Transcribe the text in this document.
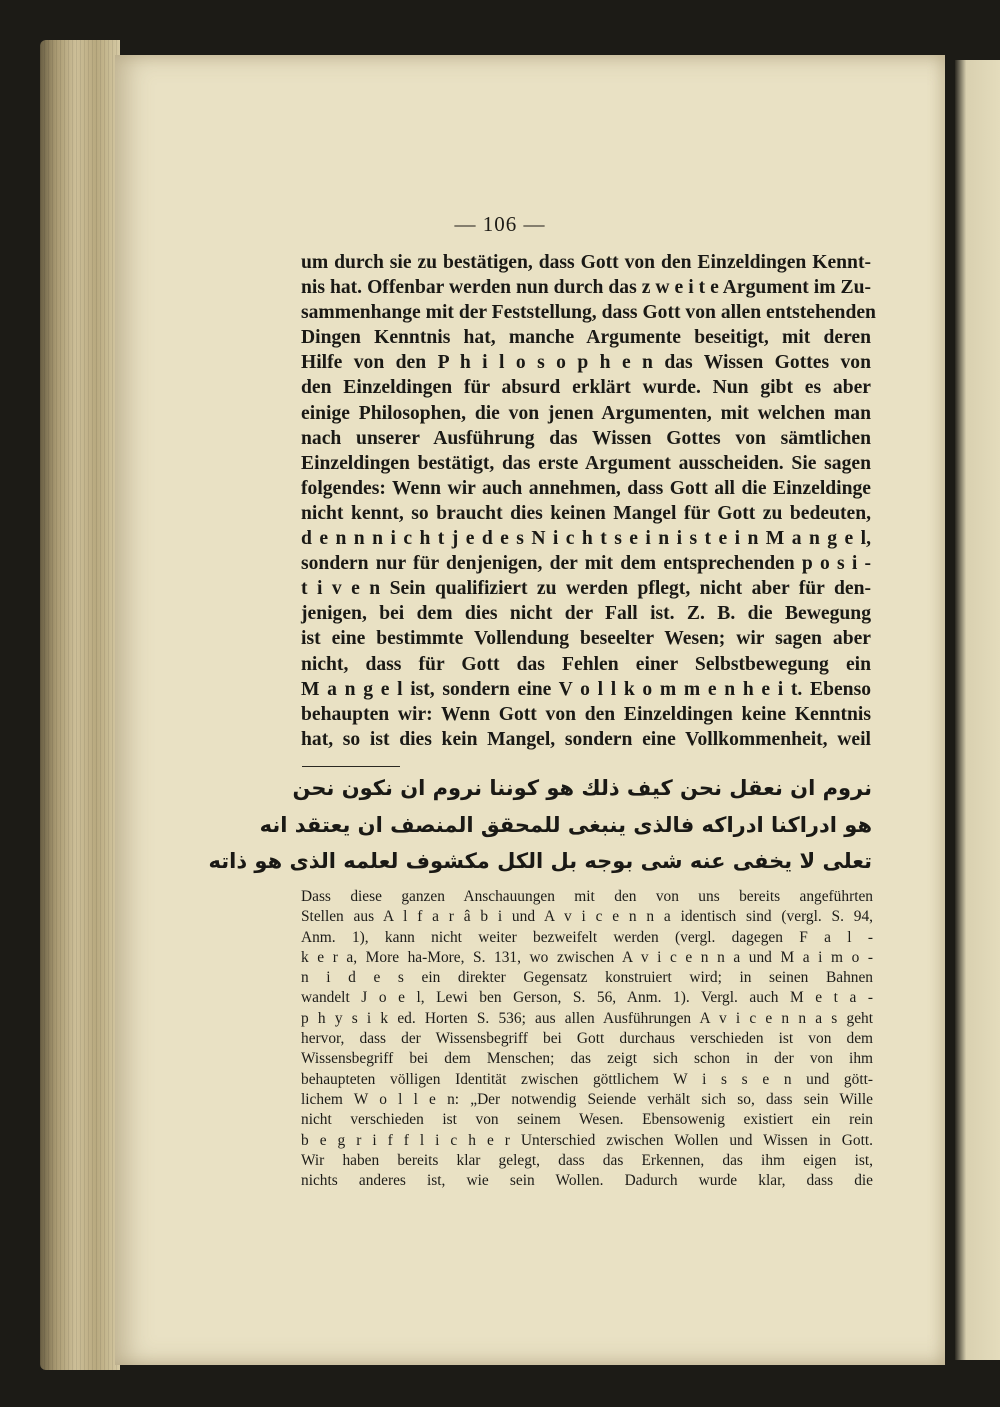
— 106 —
um durch sie zu bestätigen, dass Gott von den Einzeldingen Kennt-
nis hat. Offenbar werden nun durch das z w e i t e Argument im Zu-
sammenhange mit der Feststellung, dass Gott von allen entstehenden
Dingen Kenntnis hat, manche Argumente beseitigt, mit deren
Hilfe von den P h i l o s o p h e n das Wissen Gottes von
den Einzeldingen für absurd erklärt wurde. Nun gibt es aber
einige Philosophen, die von jenen Argumenten, mit welchen man
nach unserer Ausführung das Wissen Gottes von sämtlichen
Einzeldingen bestätigt, das erste Argument ausscheiden. Sie sagen
folgendes: Wenn wir auch annehmen, dass Gott all die Einzeldinge
nicht kennt, so braucht dies keinen Mangel für Gott zu bedeuten,
d e n n n i c h t j e d e s N i c h t s e i n i s t e i n M a n g e l,
sondern nur für denjenigen, der mit dem entsprechenden p o s i -
t i v e n Sein qualifiziert zu werden pflegt, nicht aber für den-
jenigen, bei dem dies nicht der Fall ist. Z. B. die Bewegung
ist eine bestimmte Vollendung beseelter Wesen; wir sagen aber
nicht, dass für Gott das Fehlen einer Selbstbewegung ein
M a n g e l ist, sondern eine V o l l k o m m e n h e i t. Ebenso
behaupten wir: Wenn Gott von den Einzeldingen keine Kenntnis
hat, so ist dies kein Mangel, sondern eine Vollkommenheit, weil
نروم ان نعقل نحن كيف ذلك هو كوننا نروم ان نكون نحن
هو ادراكنا ادراكه فالذى ينبغى للمحقق المنصف ان يعتقد انه
تعلى لا يخفى عنه شى بوجه بل الكل مكشوف لعلمه الذى هو ذاته
Dass diese ganzen Anschauungen mit den von uns bereits angeführten
Stellen aus A l f a r â b i und A v i c e n n a identisch sind (vergl. S. 94,
Anm. 1), kann nicht weiter bezweifelt werden (vergl. dagegen F a l -
k e r a, More ha-More, S. 131, wo zwischen A v i c e n n a und M a i m o -
n i d e s ein direkter Gegensatz konstruiert wird; in seinen Bahnen
wandelt J o e l, Lewi ben Gerson, S. 56, Anm. 1). Vergl. auch M e t a -
p h y s i k ed. Horten S. 536; aus allen Ausführungen A v i c e n n a s geht
hervor, dass der Wissensbegriff bei Gott durchaus verschieden ist von dem
Wissensbegriff bei dem Menschen; das zeigt sich schon in der von ihm
behaupteten völligen Identität zwischen göttlichem W i s s e n und gött-
lichem W o l l e n: „Der notwendig Seiende verhält sich so, dass sein Wille
nicht verschieden ist von seinem Wesen. Ebensowenig existiert ein rein
b e g r i f f l i c h e r Unterschied zwischen Wollen und Wissen in Gott.
Wir haben bereits klar gelegt, dass das Erkennen, das ihm eigen ist,
nichts anderes ist, wie sein Wollen. Dadurch wurde klar, dass die
